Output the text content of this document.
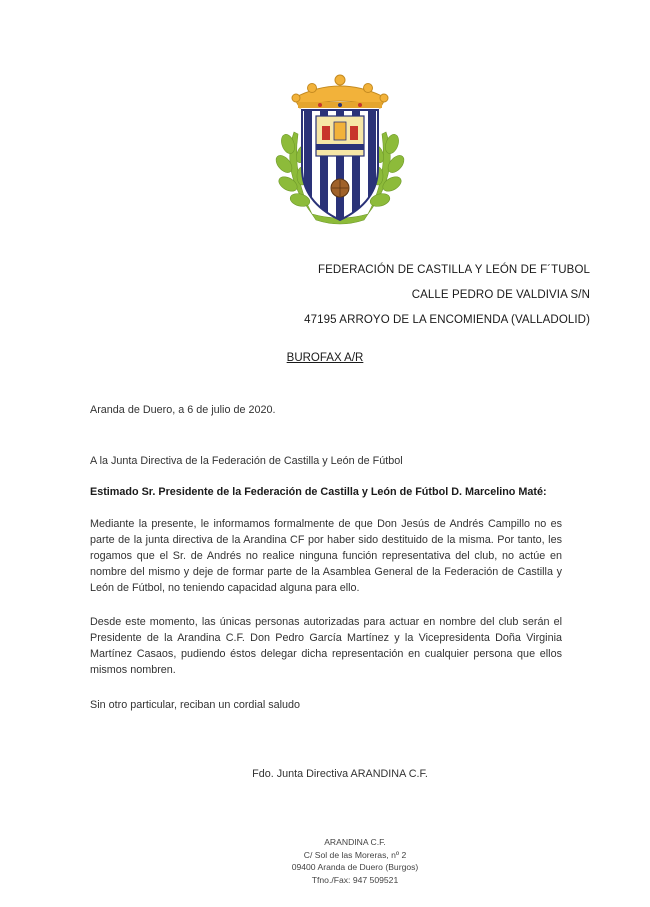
FEDERACIÓN DE CASTILLA Y LEÓN DE F´TUBOL
CALLE PEDRO DE VALDIVIA S/N
47195 ARROYO DE LA ENCOMIENDA (VALLADOLID)
BUROFAX A/R
Aranda de Duero, a 6 de julio de 2020.
A la Junta Directiva de la Federación de Castilla y León de Fútbol
Estimado Sr. Presidente de la Federación de Castilla y León de Fútbol D. Marcelino Maté:
Mediante la presente, le informamos formalmente de que Don Jesús de Andrés Campillo no es parte de la junta directiva de la Arandina CF por haber sido destituido de la misma. Por tanto, les rogamos que el Sr. de Andrés no realice ninguna función representativa del club, no actúe en nombre del mismo y deje de formar parte de la Asamblea General de la Federación de Castilla y León de Fútbol, no teniendo capacidad alguna para ello.
Desde este momento, las únicas personas autorizadas para actuar en nombre del club serán el Presidente de la Arandina C.F. Don Pedro García Martínez y la Vicepresidenta Doña Virginia Martínez Casaos, pudiendo éstos delegar dicha representación en cualquier persona que ellos mismos nombren.
Sin otro particular, reciban un cordial saludo
Fdo. Junta Directiva ARANDINA C.F.
ARANDINA C.F.
C/ Sol de las Moreras, nº 2
09400 Aranda de Duero (Burgos)
Tfno./Fax: 947 509521
